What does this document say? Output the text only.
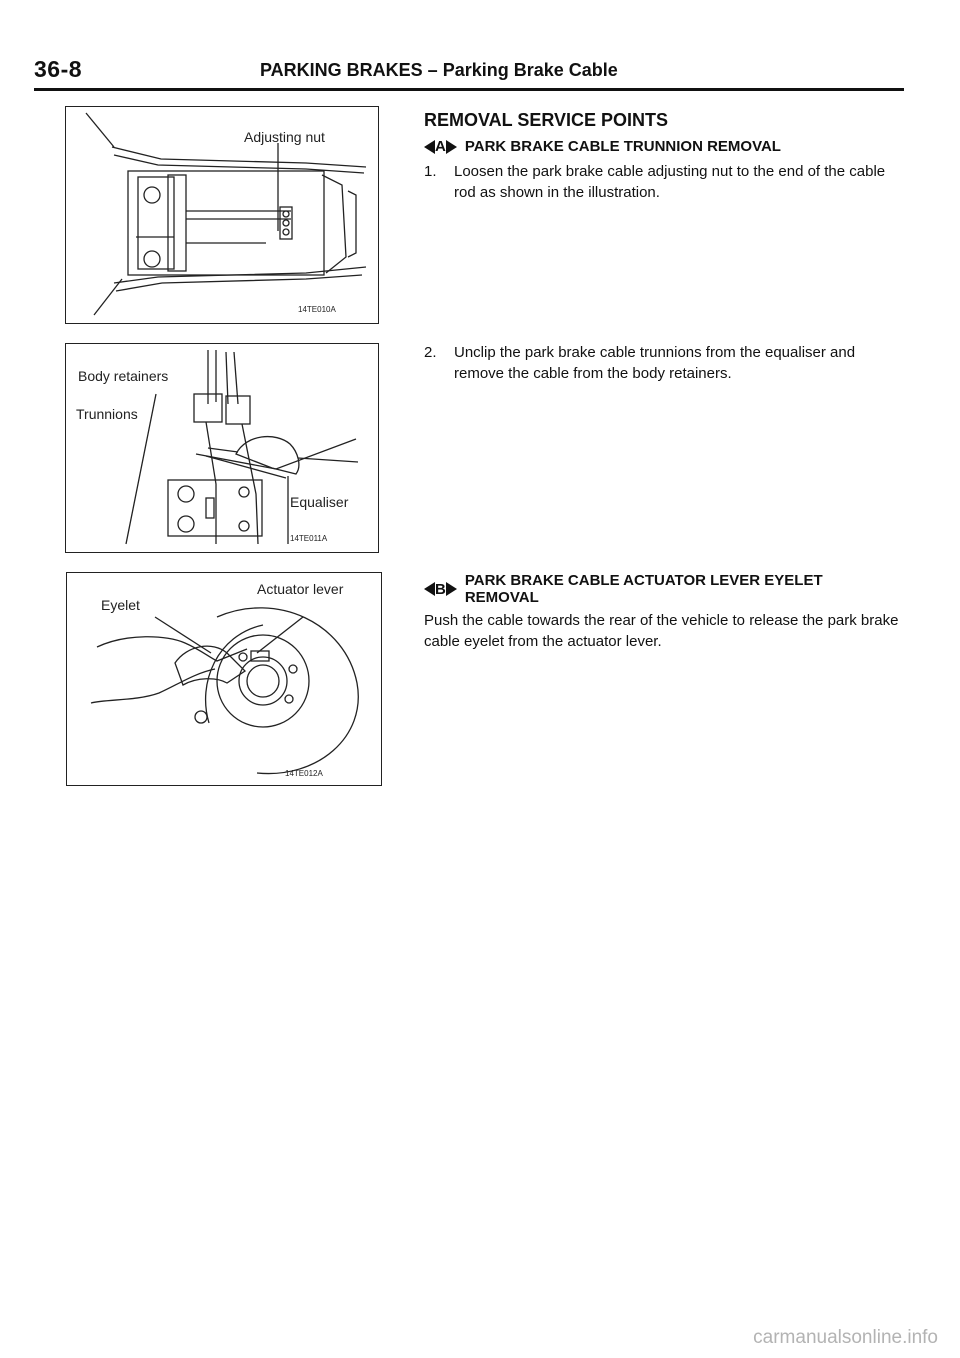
36-8	PARKING BRAKES – Parking Brake Cable
Adjusting nut
14TE010A
Body retainers
Trunnions
Equaliser
14TE011A
Eyelet
Actuator lever
14TE012A
REMOVAL SERVICE POINTS
A PARK BRAKE CABLE TRUNNION REMOVAL
1.	Loosen the park brake cable adjusting nut to the end of the cable rod as shown in the illustration.
2.	Unclip the park brake cable trunnions from the equaliser and remove the cable from the body retainers.
B PARK BRAKE CABLE ACTUATOR LEVER EYELET REMOVAL
Push the cable towards the rear of the vehicle to release the park brake cable eyelet from the actuator lever.
carmanualsonline.info
